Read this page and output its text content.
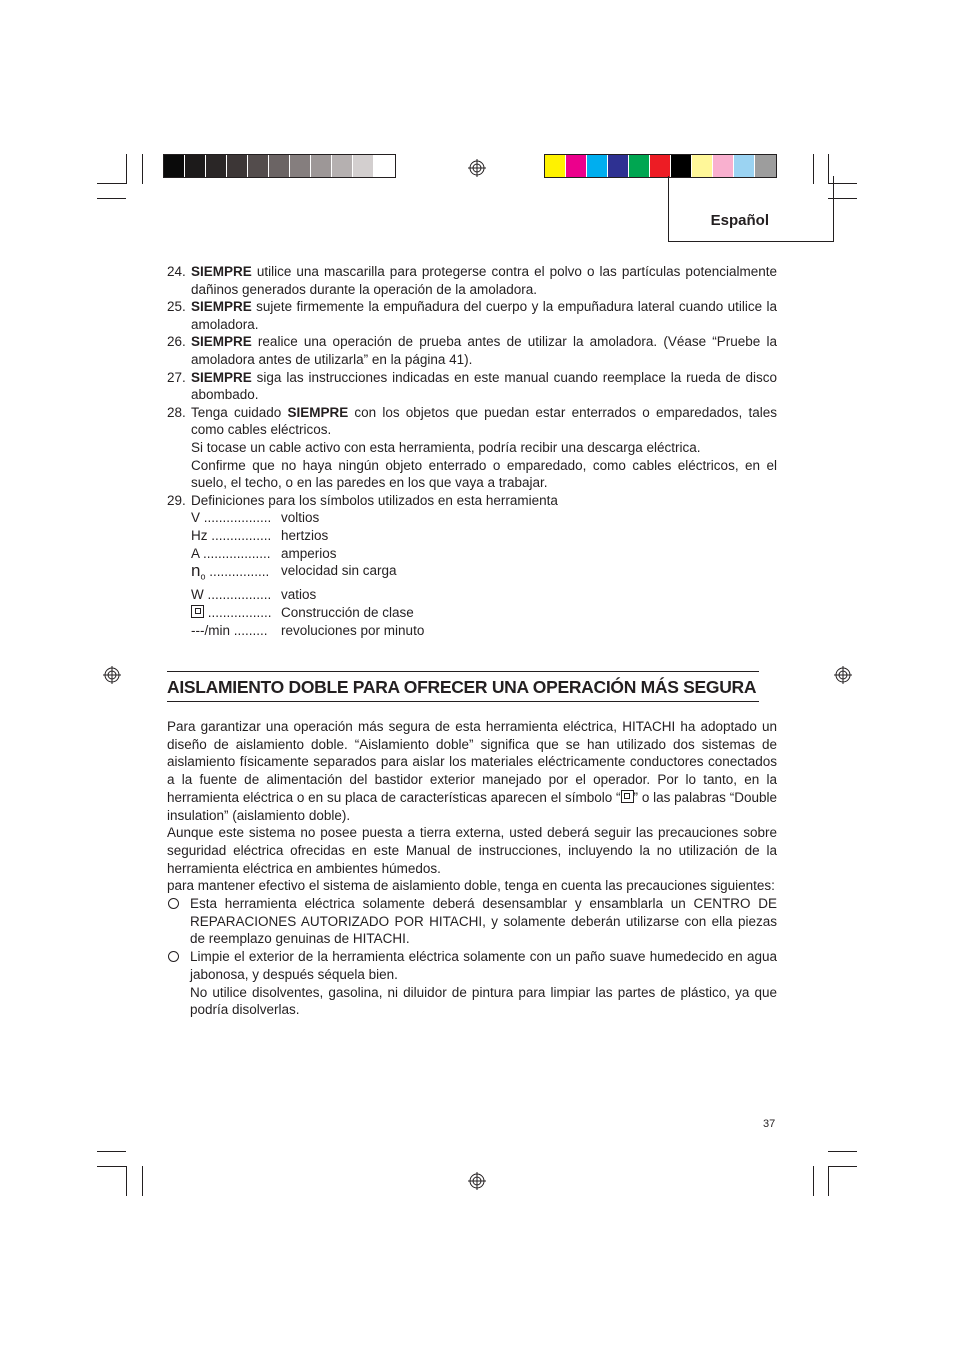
Español
24. SIEMPRE utilice una mascarilla para protegerse contra el polvo o las partículas potencialmente dañinos generados durante la operación de la amoladora.
25. SIEMPRE sujete firmemente la empuñadura del cuerpo y la empuñadura lateral cuando utilice la amoladora.
26. SIEMPRE realice una operación de prueba antes de utilizar la amoladora. (Véase “Pruebe la amoladora antes de utilizarla” en la página 41).
27. SIEMPRE siga las instrucciones indicadas en este manual cuando reemplace la rueda de disco abombado.
28. Tenga cuidado SIEMPRE con los objetos que puedan estar enterrados o emparedados, tales como cables eléctricos.
Si tocase un cable activo con esta herramienta, podría recibir una descarga eléctrica.
Confirme que no haya ningún objeto enterrado o emparedado, como cables eléctricos, en el suelo, el techo, o en las paredes en los que vaya a trabajar.
29. Definiciones para los símbolos utilizados en esta herramienta
V .................. voltios
Hz ................ hertzios
A .................. amperios
$n_o$ ................ velocidad sin carga
W ................. vatios
................. Construcción de clase
---/min .........	revoluciones por minuto
AISLAMIENTO DOBLE PARA OFRECER UNA OPERACIÓN MÁS SEGURA
Para garantizar una operación más segura de esta herramienta eléctrica, HITACHI ha adoptado un diseño de aislamiento doble. “Aislamiento doble” significa que se han utilizado dos sistemas de aislamiento físicamente separados para aislar los materiales eléctricamente conductores conectados a la fuente de alimentación del bastidor exterior manejado por el operador. Por lo tanto, en la herramienta eléctrica o en su placa de características aparecen el símbolo “ ” o las palabras “Double insulation” (aislamiento doble).
Aunque este sistema no posee puesta a tierra externa, usted deberá seguir las precauciones sobre seguridad eléctrica ofrecidas en este Manual de instrucciones, incluyendo la no utilización de la herramienta eléctrica en ambientes húmedos.
para mantener efectivo el sistema de aislamiento doble, tenga en cuenta las precauciones siguientes:
Esta herramienta eléctrica solamente deberá desensamblar y ensamblarla un CENTRO DE REPARACIONES AUTORIZADO POR HITACHI, y solamente deberán utilizarse con ella piezas de reemplazo genuinas de HITACHI.
Limpie el exterior de la herramienta eléctrica solamente con un paño suave humedecido en agua jabonosa, y después séquela bien.
No utilice disolventes, gasolina, ni diluidor de pintura para limpiar las partes de plástico, ya que podría disolverlas.
37
